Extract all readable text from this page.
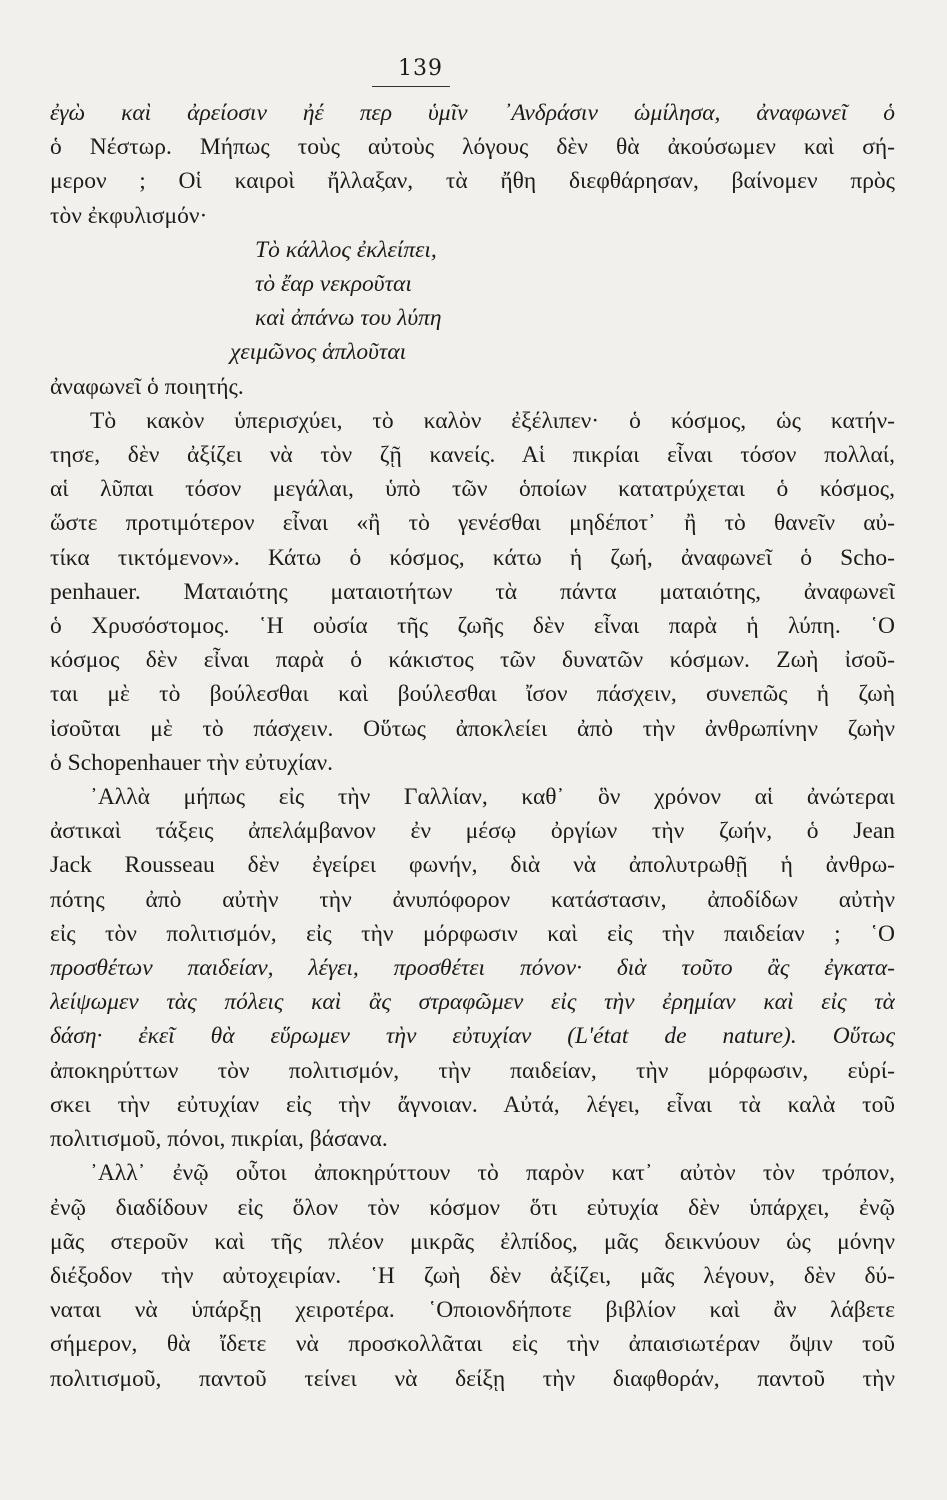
139
ἐγὼ καὶ ἀρείοσιν ἠέ περ ὑμῖν ᾿Ανδράσιν ὡμίλησα, ἀναφωνεῖ ὁ
ὁ Νέστωρ. Μήπως τοὺς αὐτοὺς λόγους δὲν θὰ ἀκούσωμεν καὶ σή-
μερον ; Οἱ καιροὶ ἤλλαξαν, τὰ ἤθη διεφθάρησαν, βαίνομεν πρὸς
τὸν ἐκφυλισμόν·
Τὸ κάλλος ἐκλείπει,
τὸ ἔαρ νεκροῦται
καὶ ἀπάνω του λύπη
χειμῶνος ἁπλοῦται
ἀναφωνεῖ ὁ ποιητής.
Τὸ κακὸν ὑπερισχύει, τὸ καλὸν ἐξέλιπεν· ὁ κόσμος, ὡς κατήν-
τησε, δὲν ἀξίζει νὰ τὸν ζῇ κανείς. Αἱ πικρίαι εἶναι τόσον πολλαί,
αἱ λῦπαι τόσον μεγάλαι, ὑπὸ τῶν ὁποίων κατατρύχεται ὁ κόσμος,
ὥστε προτιμότερον εἶναι «ἢ τὸ γενέσθαι μηδέποτ᾿ ἢ τὸ θανεῖν αὐ-
τίκα τικτόμενον». Κάτω ὁ κόσμος, κάτω ἡ ζωή, ἀναφωνεῖ ὁ Scho-
penhauer. Ματαιότης ματαιοτήτων τὰ πάντα ματαιότης, ἀναφωνεῖ
ὁ Χρυσόστομος. ῾Η οὐσία τῆς ζωῆς δὲν εἶναι παρὰ ἡ λύπη. ῾Ο
κόσμος δὲν εἶναι παρὰ ὁ κάκιστος τῶν δυνατῶν κόσμων. Ζωὴ ἰσοῦ-
ται μὲ τὸ βούλεσθαι καὶ βούλεσθαι ἴσον πάσχειν, συνεπῶς ἡ ζωὴ
ἰσοῦται μὲ τὸ πάσχειν. Οὕτως ἀποκλείει ἀπὸ τὴν ἀνθρωπίνην ζωὴν
ὁ Schopenhauer τὴν εὐτυχίαν.
᾿Αλλὰ μήπως εἰς τὴν Γαλλίαν, καθ᾿ ὃν χρόνον αἱ ἀνώτεραι
ἀστικαὶ τάξεις ἀπελάμβανον ἐν μέσῳ ὀργίων τὴν ζωήν, ὁ Jean
Jack Rousseau δὲν ἐγείρει φωνήν, διὰ νὰ ἀπολυτρωθῇ ἡ ἀνθρω-
πότης ἀπὸ αὐτὴν τὴν ἀνυπόφορον κατάστασιν, ἀποδίδων αὐτὴν
εἰς τὸν πολιτισμόν, εἰς τὴν μόρφωσιν καὶ εἰς τὴν παιδείαν ; ῾Ο
προσθέτων παιδείαν, λέγει, προσθέτει πόνον· διὰ τοῦτο ἂς ἐγκατα-
λείψωμεν τὰς πόλεις καὶ ἂς στραφῶμεν εἰς τὴν ἐρημίαν καὶ εἰς τὰ
δάση· ἐκεῖ θὰ εὕρωμεν τὴν εὐτυχίαν (L'état de nature). Οὕτως
ἀποκηρύττων τὸν πολιτισμόν, τὴν παιδείαν, τὴν μόρφωσιν, εὑρί-
σκει τὴν εὐτυχίαν εἰς τὴν ἄγνοιαν. Αὐτά, λέγει, εἶναι τὰ καλὰ τοῦ
πολιτισμοῦ, πόνοι, πικρίαι, βάσανα.
᾿Αλλ᾿ ἐνῷ οὗτοι ἀποκηρύττουν τὸ παρὸν κατ᾿ αὐτὸν τὸν τρόπον,
ἐνῷ διαδίδουν εἰς ὅλον τὸν κόσμον ὅτι εὐτυχία δὲν ὑπάρχει, ἐνῷ
μᾶς στεροῦν καὶ τῆς πλέον μικρᾶς ἐλπίδος, μᾶς δεικνύουν ὡς μόνην
διέξοδον τὴν αὐτοχειρίαν. ῾Η ζωὴ δὲν ἀξίζει, μᾶς λέγουν, δὲν δύ-
ναται νὰ ὑπάρξῃ χειροτέρα. ῾Οποιονδήποτε βιβλίον καὶ ἂν λάβετε
σήμερον, θὰ ἴδετε νὰ προσκολλᾶται εἰς τὴν ἀπαισιωτέραν ὄψιν τοῦ
πολιτισμοῦ, παντοῦ τείνει νὰ δείξῃ τὴν διαφθοράν, παντοῦ τὴν
